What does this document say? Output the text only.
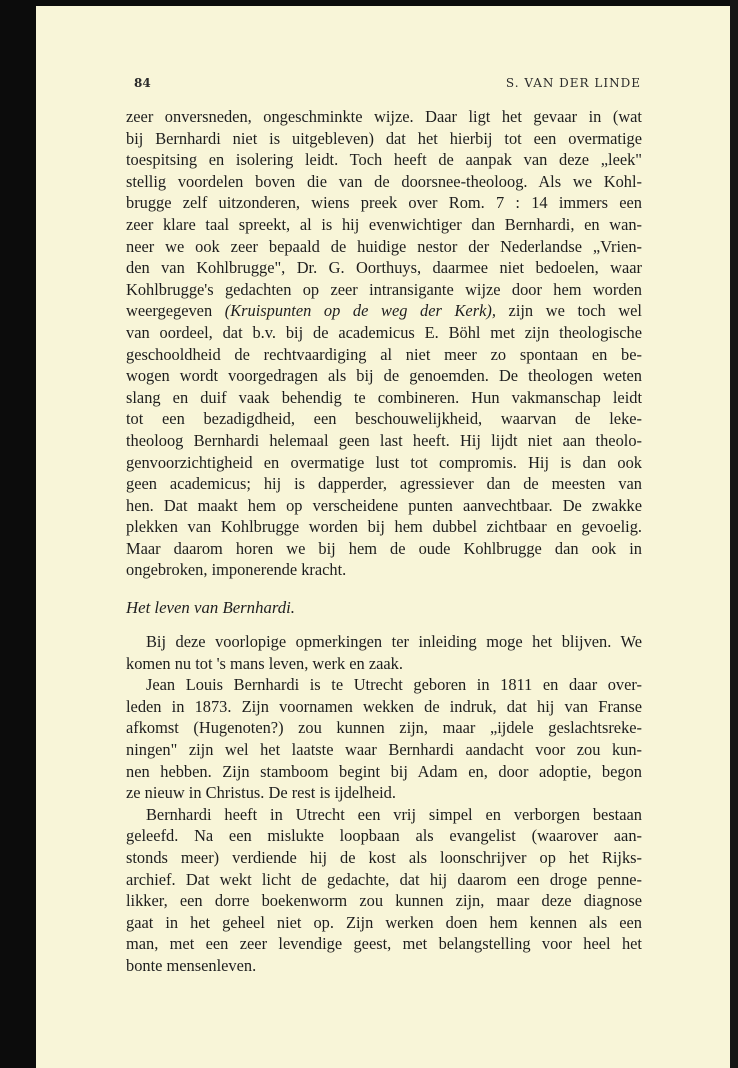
84	S. VAN DER LINDE
zeer onversneden, ongeschminkte wijze. Daar ligt het gevaar in (wat
bij Bernhardi niet is uitgebleven) dat het hierbij tot een overmatige
toespitsing en isolering leidt. Toch heeft de aanpak van deze „leek"
stellig voordelen boven die van de doorsnee-theoloog. Als we Kohl-
brugge zelf uitzonderen, wiens preek over Rom. 7 : 14 immers een
zeer klare taal spreekt, al is hij evenwichtiger dan Bernhardi, en wan-
neer we ook zeer bepaald de huidige nestor der Nederlandse „Vrien-
den van Kohlbrugge", Dr. G. Oorthuys, daarmee niet bedoelen, waar
Kohlbrugge's gedachten op zeer intransigante wijze door hem worden
weergegeven (Kruispunten op de weg der Kerk), zijn we toch wel
van oordeel, dat b.v. bij de academicus E. Böhl met zijn theologische
geschooldheid de rechtvaardiging al niet meer zo spontaan en be-
wogen wordt voorgedragen als bij de genoemden. De theologen weten
slang en duif vaak behendig te combineren. Hun vakmanschap leidt
tot een bezadigdheid, een beschouwelijkheid, waarvan de leke-
theoloog Bernhardi helemaal geen last heeft. Hij lijdt niet aan theolo-
genvoorzichtigheid en overmatige lust tot compromis. Hij is dan ook
geen academicus; hij is dapperder, agressiever dan de meesten van
hen. Dat maakt hem op verscheidene punten aanvechtbaar. De zwakke
plekken van Kohlbrugge worden bij hem dubbel zichtbaar en gevoelig.
Maar daarom horen we bij hem de oude Kohlbrugge dan ook in
ongebroken, imponerende kracht.
Het leven van Bernhardi.
Bij deze voorlopige opmerkingen ter inleiding moge het blijven. We
komen nu tot 's mans leven, werk en zaak.
Jean Louis Bernhardi is te Utrecht geboren in 1811 en daar over-
leden in 1873. Zijn voornamen wekken de indruk, dat hij van Franse
afkomst (Hugenoten?) zou kunnen zijn, maar „ijdele geslachtsreke-
ningen" zijn wel het laatste waar Bernhardi aandacht voor zou kun-
nen hebben. Zijn stamboom begint bij Adam en, door adoptie, begon
ze nieuw in Christus. De rest is ijdelheid.
Bernhardi heeft in Utrecht een vrij simpel en verborgen bestaan
geleefd. Na een mislukte loopbaan als evangelist (waarover aan-
stonds meer) verdiende hij de kost als loonschrijver op het Rijks-
archief. Dat wekt licht de gedachte, dat hij daarom een droge penne-
likker, een dorre boekenworm zou kunnen zijn, maar deze diagnose
gaat in het geheel niet op. Zijn werken doen hem kennen als een
man, met een zeer levendige geest, met belangstelling voor heel het
bonte mensenleven.
